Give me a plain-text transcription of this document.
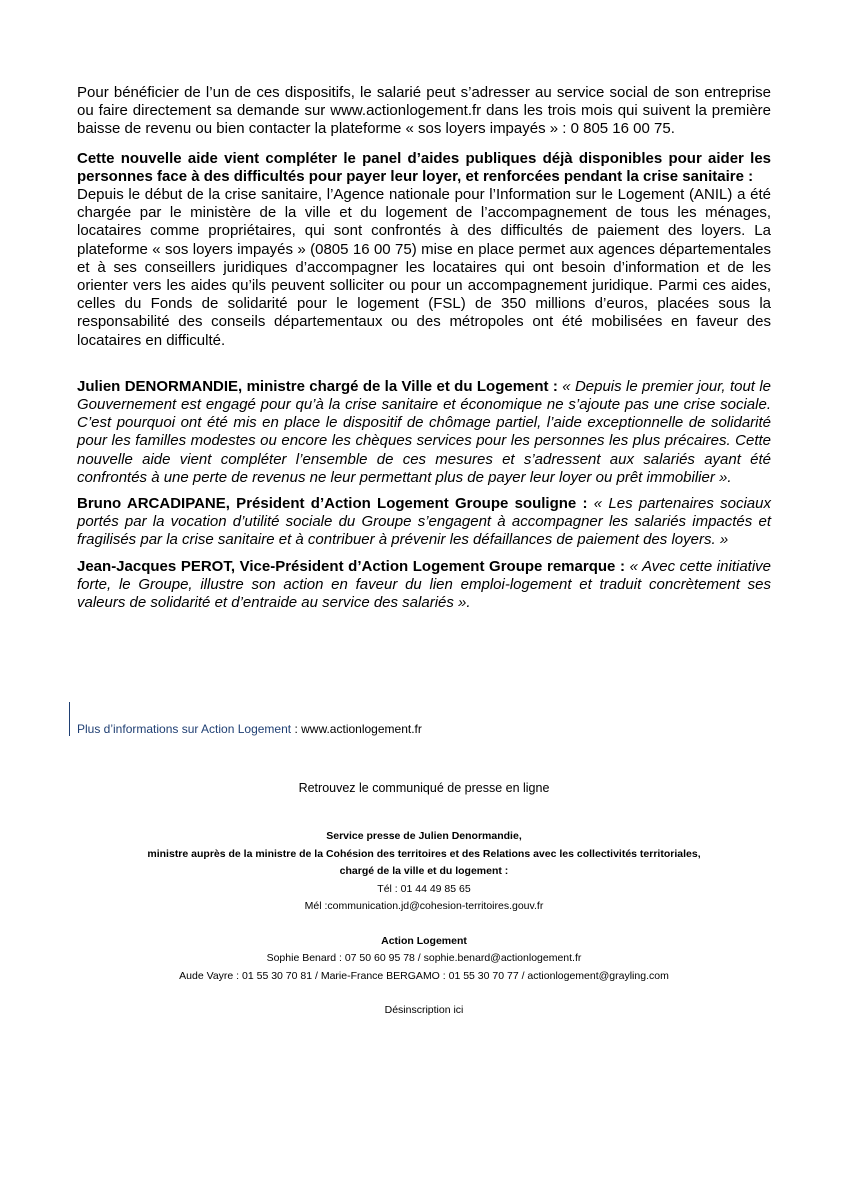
Pour bénéficier de l’un de ces dispositifs, le salarié peut s’adresser au service social de son entreprise ou faire directement sa demande sur www.actionlogement.fr dans les trois mois qui suivent la première baisse de revenu ou bien contacter la plateforme « sos loyers impayés » : 0 805 16 00 75.

Cette nouvelle aide vient compléter le panel d’aides publiques déjà disponibles pour aider les personnes face à des difficultés pour payer leur loyer, et renforcées pendant la crise sanitaire :

Depuis le début de la crise sanitaire, l’Agence nationale pour l’Information sur le Logement (ANIL) a été chargée par le ministère de la ville et du logement de l’accompagnement de tous les ménages, locataires comme propriétaires, qui sont confrontés à des difficultés de paiement des loyers. La plateforme « sos loyers impayés » (0805 16 00 75) mise en place permet aux agences départementales et à ses conseillers juridiques d’accompagner les locataires qui ont besoin d’information et de les orienter vers les aides qu’ils peuvent solliciter ou pour un accompagnement juridique. Parmi ces aides, celles du Fonds de solidarité pour le logement (FSL) de 350 millions d’euros, placées sous la responsabilité des conseils départementaux ou des métropoles ont été mobilisées en faveur des locataires en difficulté.

Julien DENORMANDIE, ministre chargé de la Ville et du Logement : « Depuis le premier jour, tout le Gouvernement est engagé pour qu’à la crise sanitaire et économique ne s’ajoute pas une crise sociale. C’est pourquoi ont été mis en place le dispositif de chômage partiel, l’aide exceptionnelle de solidarité pour les familles modestes ou encore les chèques services pour les personnes les plus précaires. Cette nouvelle aide vient compléter l’ensemble de ces mesures et s’adressent aux salariés ayant été confrontés à une perte de revenus ne leur permettant plus de payer leur loyer ou prêt immobilier ».

Bruno ARCADIPANE, Président d’Action Logement Groupe souligne : « Les partenaires sociaux portés par la vocation d’utilité sociale du Groupe s’engagent à accompagner les salariés impactés et fragilisés par la crise sanitaire et à contribuer à prévenir les défaillances de paiement des loyers. »

Jean-Jacques PEROT, Vice-Président d’Action Logement Groupe remarque : « Avec cette initiative forte, le Groupe, illustre son action en faveur du lien emploi-logement et traduit concrètement ses valeurs de solidarité et d’entraide au service des salariés ».

Plus d’informations sur Action Logement : www.actionlogement.fr
Retrouvez le communiqué de presse en ligne
Service presse de Julien Denormandie,
ministre auprès de la ministre de la Cohésion des territoires et des Relations avec les collectivités territoriales,
chargé de la ville et du logement :
Tél : 01 44 49 85 65
Mél :communication.jd@cohesion-territoires.gouv.fr
Action Logement
Sophie Benard : 07 50 60 95 78 / sophie.benard@actionlogement.fr
Aude Vayre : 01 55 30 70 81 / Marie-France BERGAMO : 01 55 30 70 77 / actionlogement@grayling.com
Désinscription ici
